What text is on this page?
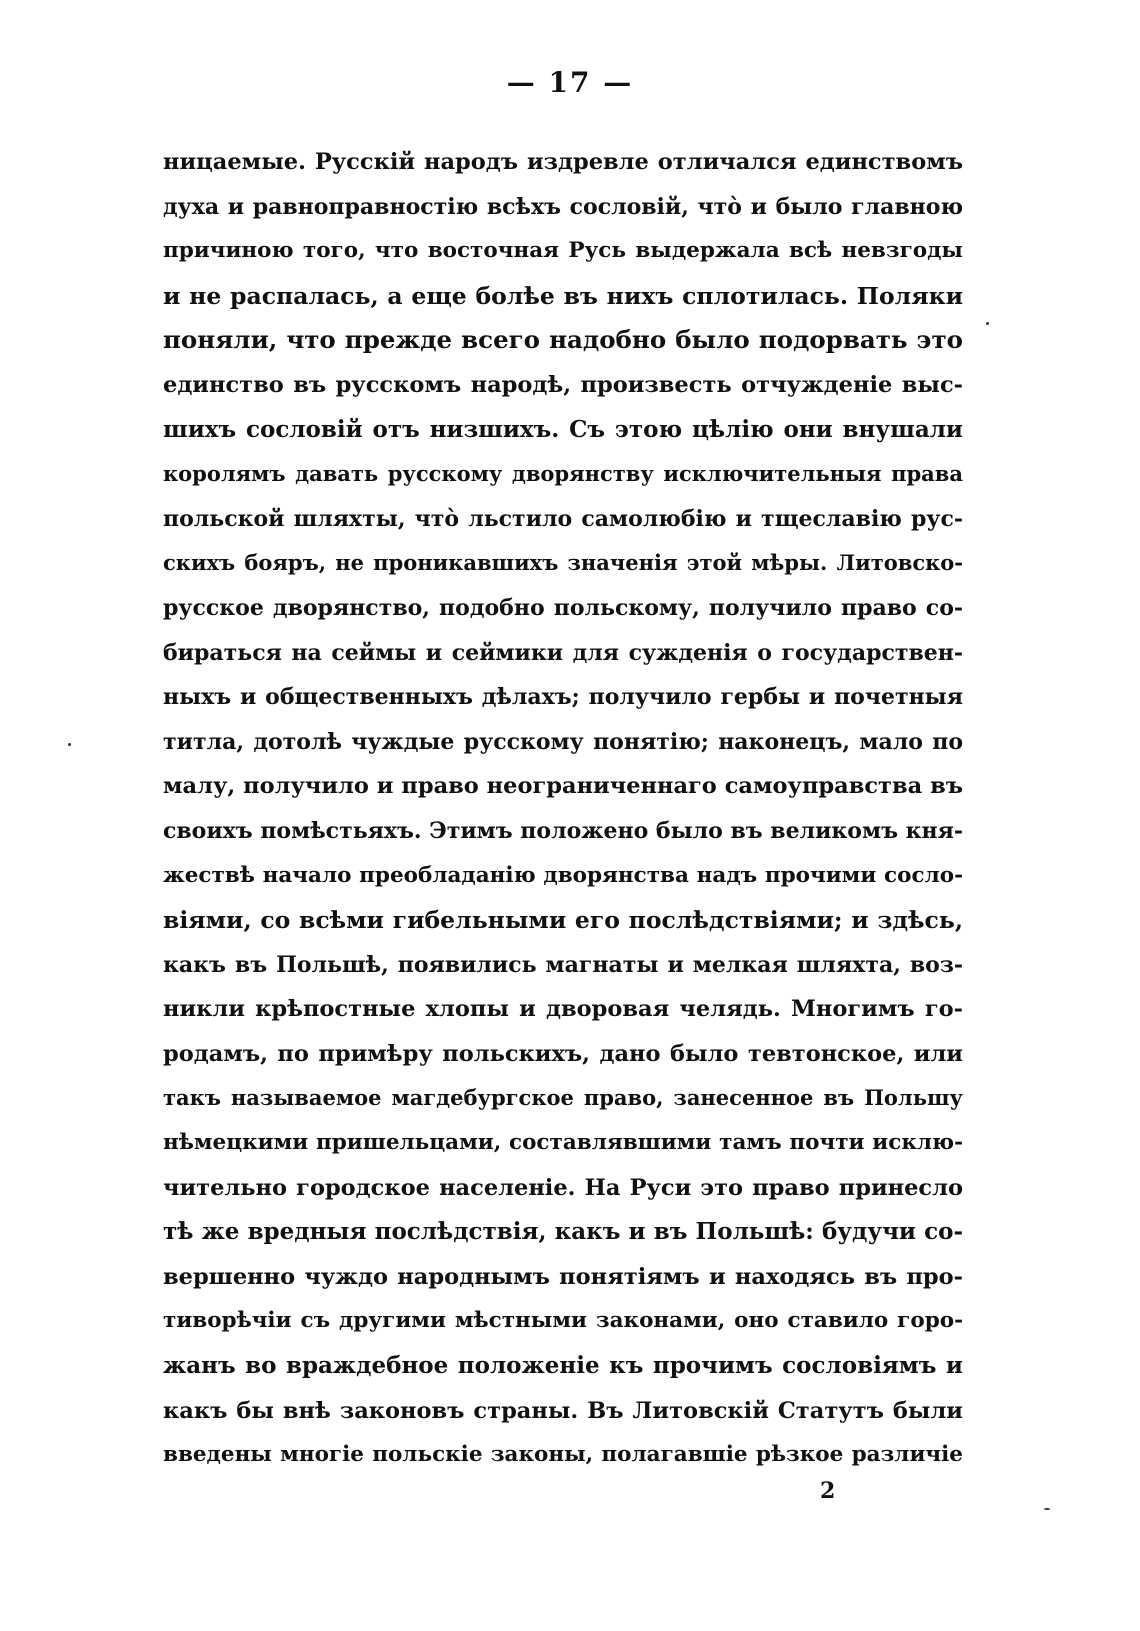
— 17 —
ницаемые. Русскій народъ издревле отличался единствомъ
духа и равноправностію всѣхъ сословій, что̀ и было главною
причиною того, что восточная Русь выдержала всѣ невзгоды
и не распалась, а еще болѣе въ нихъ сплотилась. Поляки
поняли, что прежде всего надобно было подорвать это
единство въ русскомъ народѣ, произвесть отчужденіе выс-
шихъ сословій отъ низшихъ. Съ этою цѣлію они внушали
королямъ давать русскому дворянству исключительныя права
польской шляхты, что̀ льстило самолюбію и тщеславію рус-
скихъ бояръ, не проникавшихъ значенія этой мѣры. Литовско-
русское дворянство, подобно польскому, получило право со-
бираться на сеймы и сеймики для сужденія о государствен-
ныхъ и общественныхъ дѣлахъ; получило гербы и почетныя
титла, дотолѣ чуждые русскому понятію; наконецъ, мало по
малу, получило и право неограниченнаго самоуправства въ
своихъ помѣстьяхъ. Этимъ положено было въ великомъ кня-
жествѣ начало преобладанію дворянства надъ прочими сосло-
віями, со всѣми гибельными его послѣдствіями; и здѣсь,
какъ въ Польшѣ, появились магнаты и мелкая шляхта, воз-
никли крѣпостные хлопы и дворовая челядь. Многимъ го-
родамъ, по примѣру польскихъ, дано было тевтонское, или
такъ называемое магдебургское право, занесенное въ Польшу
нѣмецкими пришельцами, составлявшими тамъ почти исклю-
чительно городское населеніе. На Руси это право принесло
тѣ же вредныя послѣдствія, какъ и въ Польшѣ: будучи со-
вершенно чуждо народнымъ понятіямъ и находясь въ про-
тиворѣчіи съ другими мѣстными законами, оно ставило горо-
жанъ во враждебное положеніе къ прочимъ сословіямъ и
какъ бы внѣ законовъ страны. Въ Литовскій Статутъ были
введены многіе польскіе законы, полагавшіе рѣзкое различіе
2
